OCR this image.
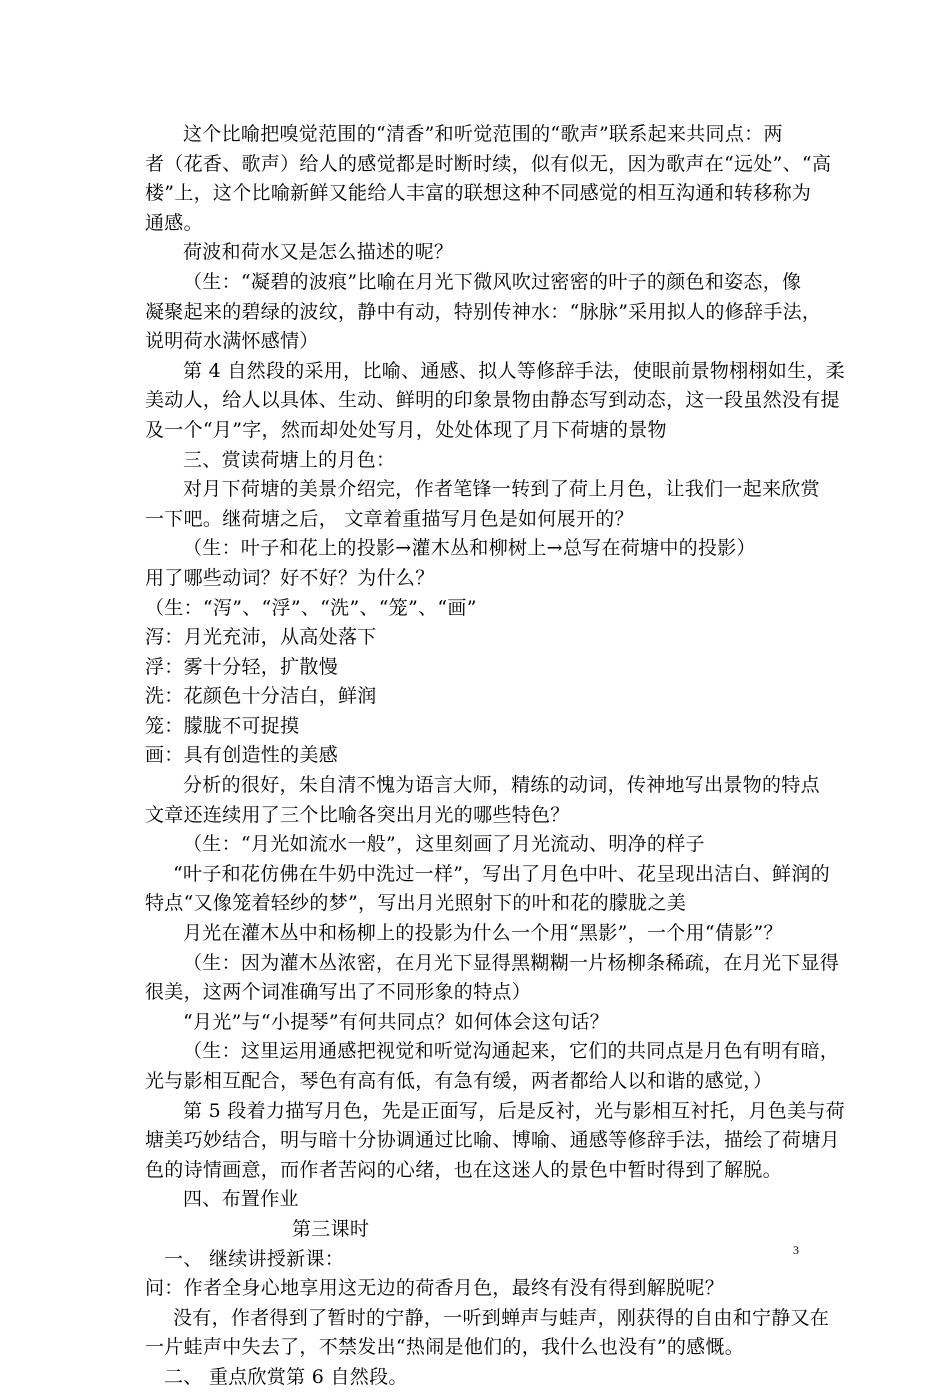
这个比喻把嗅觉范围的“清香”和听觉范围的“歌声”联系起来共同点：两
者（花香、歌声）给人的感觉都是时断时续，似有似无，因为歌声在“远处”、“高
楼”上，这个比喻新鲜又能给人丰富的联想这种不同感觉的相互沟通和转移称为
通感。
荷波和荷水又是怎么描述的呢？
（生：“凝碧的波痕”比喻在月光下微风吹过密密的叶子的颜色和姿态，像
凝聚起来的碧绿的波纹，静中有动，特别传神水：“脉脉”采用拟人的修辞手法，
说明荷水满怀感情）
第 4 自然段的采用，比喻、通感、拟人等修辞手法，使眼前景物栩栩如生，柔
美动人，给人以具体、生动、鲜明的印象景物由静态写到动态，这一段虽然没有提
及一个“月”字，然而却处处写月，处处体现了月下荷塘的景物
三、赏读荷塘上的月色：
对月下荷塘的美景介绍完，作者笔锋一转到了荷上月色，让我们一起来欣赏
一下吧。继荷塘之后， 文章着重描写月色是如何展开的？
（生：叶子和花上的投影→灌木丛和柳树上→总写在荷塘中的投影）
用了哪些动词？好不好？为什么？
（生：“泻”、“浮”、“洗”、“笼”、“画”
泻：月光充沛，从高处落下
浮：雾十分轻，扩散慢
洗：花颜色十分洁白，鲜润
笼：朦胧不可捉摸
画：具有创造性的美感
分析的很好，朱自清不愧为语言大师，精练的动词，传神地写出景物的特点
文章还连续用了三个比喻各突出月光的哪些特色？
（生：“月光如流水一般”，这里刻画了月光流动、明净的样子
“叶子和花仿佛在牛奶中洗过一样”，写出了月色中叶、花呈现出洁白、鲜润的
特点“又像笼着轻纱的梦”，写出月光照射下的叶和花的朦胧之美
月光在灌木丛中和杨柳上的投影为什么一个用“黑影”，一个用“倩影”？
（生：因为灌木丛浓密，在月光下显得黑糊糊一片杨柳条稀疏，在月光下显得
很美，这两个词准确写出了不同形象的特点）
“月光”与“小提琴”有何共同点？如何体会这句话？
（生：这里运用通感把视觉和听觉沟通起来，它们的共同点是月色有明有暗，
光与影相互配合，琴色有高有低，有急有缓，两者都给人以和谐的感觉，）
第 5 段着力描写月色，先是正面写，后是反衬，光与影相互衬托，月色美与荷
塘美巧妙结合，明与暗十分协调通过比喻、博喻、通感等修辞手法，描绘了荷塘月
色的诗情画意，而作者苦闷的心绪，也在这迷人的景色中暂时得到了解脱。
四、布置作业
第三课时
一、 继续讲授新课：
问：作者全身心地享用这无边的荷香月色，最终有没有得到解脱呢？
没有，作者得到了暂时的宁静，一听到蝉声与蛙声，刚获得的自由和宁静又在
一片蛙声中失去了，不禁发出“热闹是他们的，我什么也没有”的感慨。
二、 重点欣赏第 6 自然段。
3
